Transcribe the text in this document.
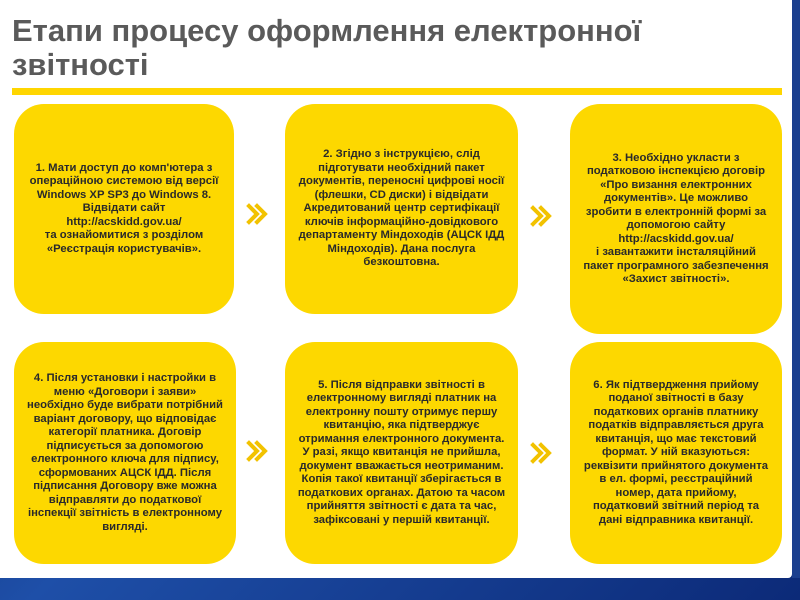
Етапи процесу оформлення електронної звітності
1. Мати доступ до комп'ютера з операційною системою від версії Windows XP SP3 до Windows 8.
Відвідати сайт
http://acskidd.gov.ua/
та ознайомитися з розділом «Реєстрація користувачів».
2. Згідно з інструкцією, слід підготувати необхідний пакет документів, переносні цифрові носії (флешки, CD диски) і відвідати Акредитований центр сертифікації ключів інформаційно-довідкового департаменту Міндоходів (АЦСК ІДД Міндоходів). Дана послуга безкоштовна.
3. Необхідно укласти з податковою інспекцією договір «Про визання електронних документів». Це можливо зробити в електронній формі за допомогою сайту
http://acskidd.gov.ua/
і завантажити інсталяційний пакет програмного забезпечення «Захист звітності».
4. Після установки і настройки в меню «Договори і заяви» необхідно буде вибрати потрібний варіант договору, що відповідає категорії платника. Договір підписується за допомогою електронного ключа для підпису, сформованих АЦСК ІДД. Після підписання Договору вже можна відправляти до податкової інспекції звітність в електронному вигляді.
5. Після відправки звітності в електронному вигляді платник на електронну пошту отримує першу квитанцію, яка підтверджує отримання електронного документа. У разі, якщо квитанція не прийшла, документ вважається неотриманим. Копія такої квитанції зберігається в податкових органах. Датою та часом прийняття звітності є дата та час, зафіксовані у першій квитанції.
6. Як підтвердження прийому поданої звітності в базу податкових органів платнику податків відправляється друга квитанція, що має текстовий формат. У ній вказуються: реквізити прийнятого документа в ел. формі, реєстраційний номер, дата прийому, податковий звітний період та дані відправника квитанції.
